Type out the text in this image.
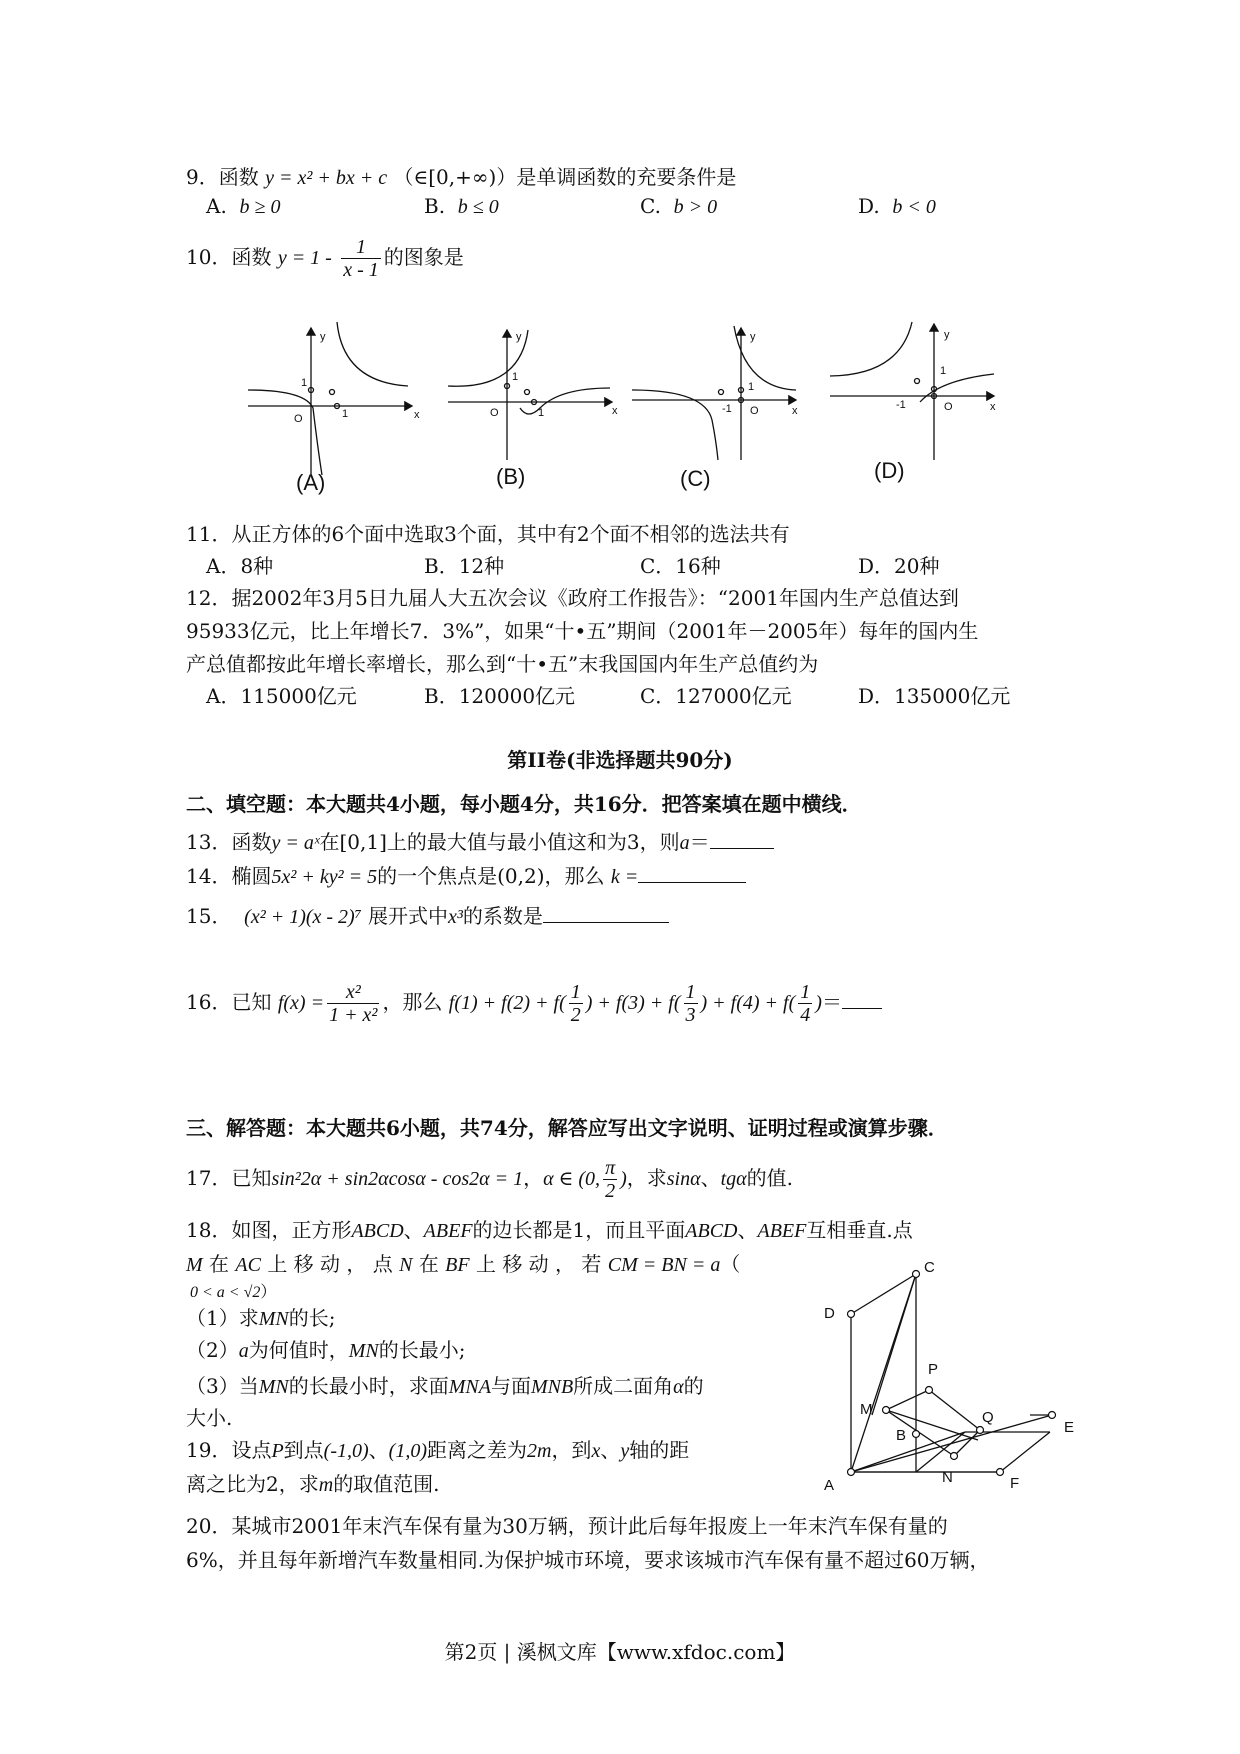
9．函数 y = x² + bx + c （∈[0,+∞)）是单调函数的充要条件是
A. b ≥ 0	B. b ≤ 0	C. b > 0	D. b < 0
10．函数 $y = 1 - \frac{1}{x - 1}$ 的图象是
y
x
O
1
1
y
x
O
1
1
y
x
O
1
-1
y
x
O
1
-1
(A)	(B)	(C)	(D)
11．从正方体的6个面中选取3个面，其中有2个面不相邻的选法共有
A．8种	B．12种	C．16种	D．20种
12．据2002年3月5日九届人大五次会议《政府工作报告》：“2001年国内生产总值达到
95933亿元，比上年增长7．3%”，如果“十•五”期间（2001年－2005年）每年的国内生
产总值都按此年增长率增长，那么到“十•五”末我国国内年生产总值约为
A．115000亿元	B．120000亿元	C．127000亿元	D．135000亿元
第II卷(非选择题共90分)
二、填空题：本大题共4小题，每小题4分，共16分．把答案填在题中横线．
13．函数y = aˣ在[0,1]上的最大值与最小值这和为3，则a＝
14．椭圆5x² + ky² = 5的一个焦点是(0,2)，那么 k =
15． (x² + 1)(x - 2)⁷ 展开式中x³的系数是
16．已知 $f(x) = \frac{\text{x²}}{\text{1 + x²}}$ ，那么 $f(1) + f(2) + f( \frac{1}{2}$ ) + $f(3) + f( \frac{1}{3}$ ) + $f(4) + f( \frac{1}{4}$ )＝
三、解答题：本大题共6小题，共74分，解答应写出文字说明、证明过程或演算步骤．
17．已知sin²2α + sin2αcosα - cos2α = 1，α ∈ (0, $\frac{\pi}{2}$ )，求sinα、tgα的值.
18．如图，正方形ABCD、ABEF的边长都是1，而且平面ABCD、ABEF互相垂直.点
M 在 AC 上 移 动 ， 点 N 在 BF 上 移 动 ， 若 CM = BN = a（
0 < a < √2）
（1）求MN的长;
（2）a为何值时，MN的长最小;
（3）当MN的长最小时，求面MNA与面MNB所成二面角α的
大小.
C
D
P
M
B
Q
E
N
A	F
19．设点P到点(-1,0)、(1,0)距离之差为2m，到x、y轴的距
离之比为2，求m的取值范围.
20．某城市2001年末汽车保有量为30万辆，预计此后每年报废上一年末汽车保有量的
6%，并且每年新增汽车数量相同.为保护城市环境，要求该城市汽车保有量不超过60万辆，
第2页 | 溪枫文库【www.xfdoc.com】
